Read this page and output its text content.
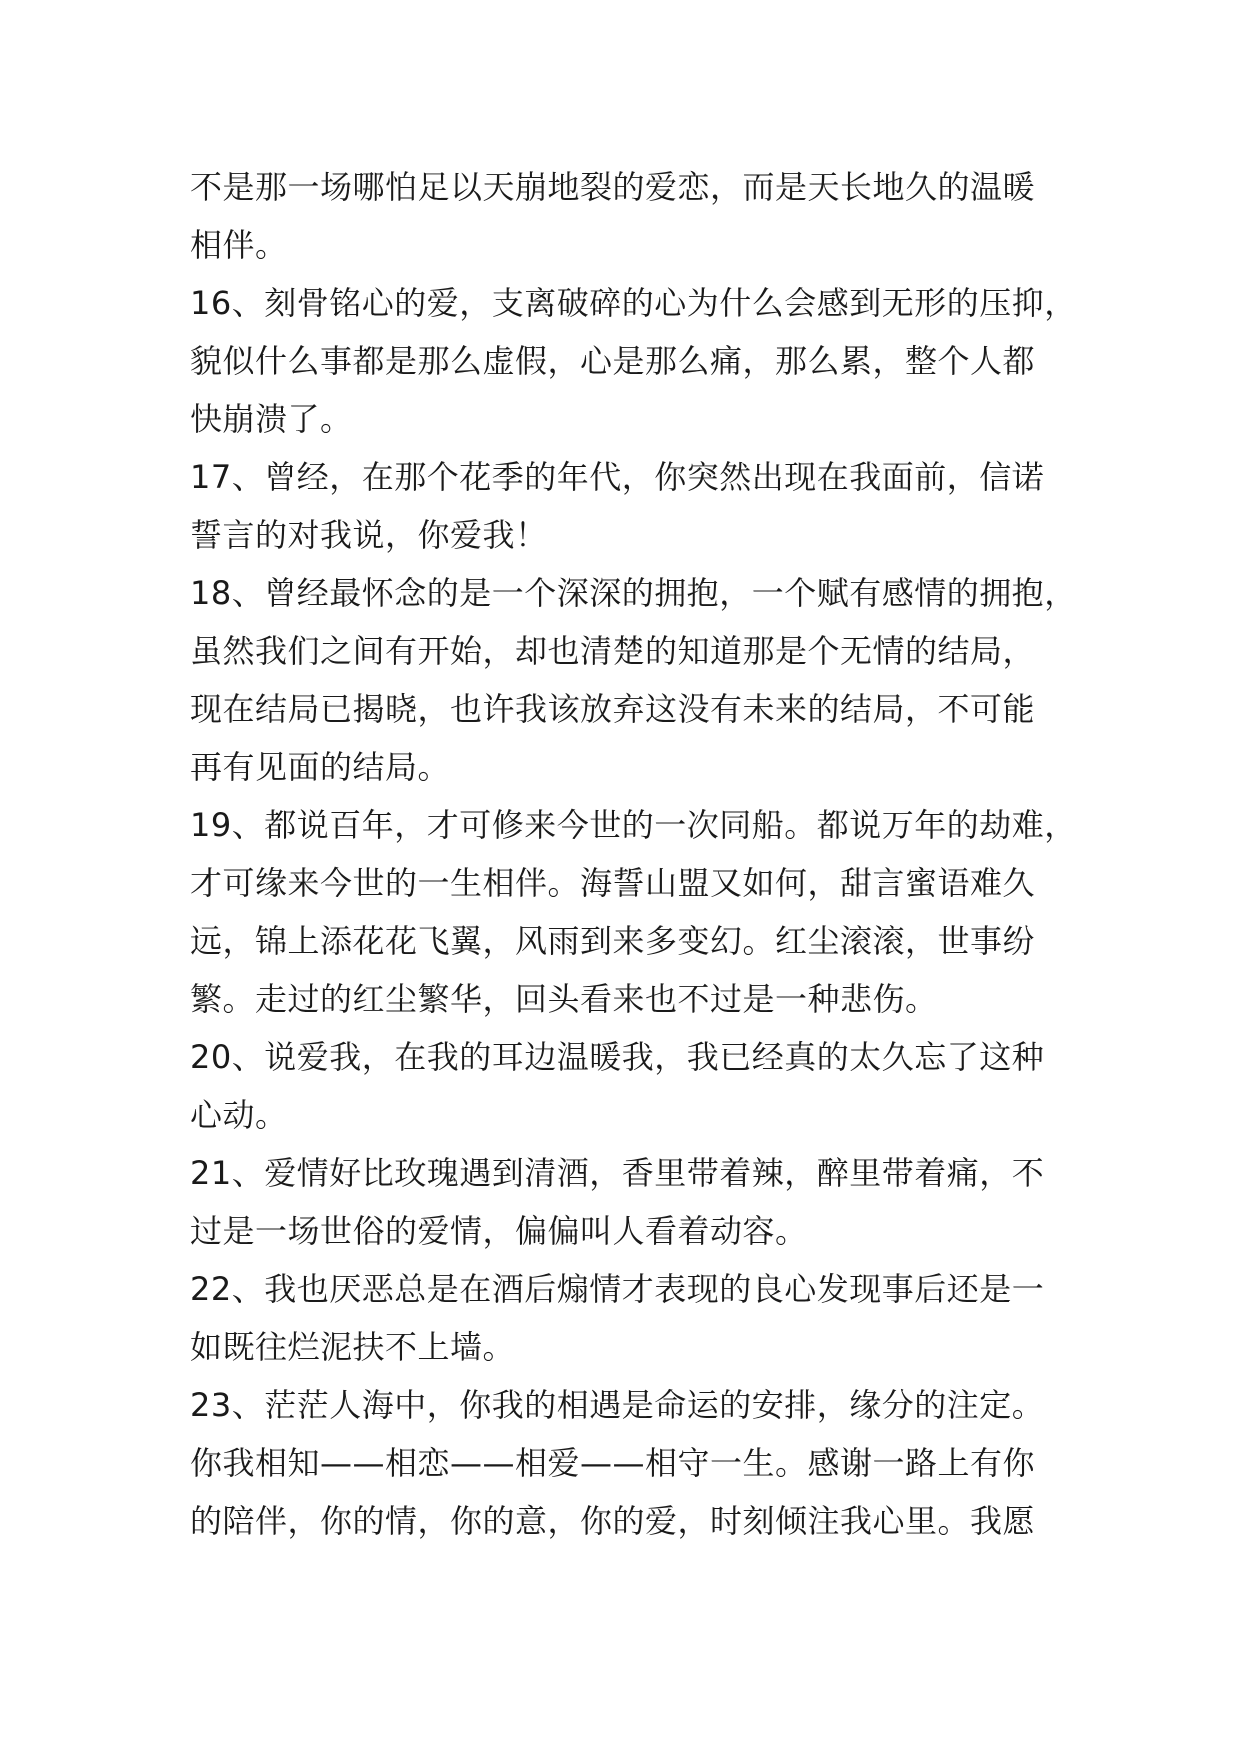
不是那一场哪怕足以天崩地裂的爱恋，而是天长地久的温暖
相伴。
16、刻骨铭心的爱，支离破碎的心为什么会感到无形的压抑，
貌似什么事都是那么虚假，心是那么痛，那么累，整个人都
快崩溃了。
17、曾经，在那个花季的年代，你突然出现在我面前，信诺
誓言的对我说，你爱我！
18、曾经最怀念的是一个深深的拥抱，一个赋有感情的拥抱，
虽然我们之间有开始，却也清楚的知道那是个无情的结局，
现在结局已揭晓，也许我该放弃这没有未来的结局，不可能
再有见面的结局。
19、都说百年，才可修来今世的一次同船。都说万年的劫难，
才可缘来今世的一生相伴。海誓山盟又如何，甜言蜜语难久
远，锦上添花花飞翼，风雨到来多变幻。红尘滚滚，世事纷
繁。走过的红尘繁华，回头看来也不过是一种悲伤。
20、说爱我，在我的耳边温暖我，我已经真的太久忘了这种
心动。
21、爱情好比玫瑰遇到清酒，香里带着辣，醉里带着痛，不
过是一场世俗的爱情，偏偏叫人看着动容。
22、我也厌恶总是在酒后煽情才表现的良心发现事后还是一
如既往烂泥扶不上墙。
23、茫茫人海中，你我的相遇是命运的安排，缘分的注定。
你我相知——相恋——相爱——相守一生。感谢一路上有你
的陪伴，你的情，你的意，你的爱，时刻倾注我心里。我愿
